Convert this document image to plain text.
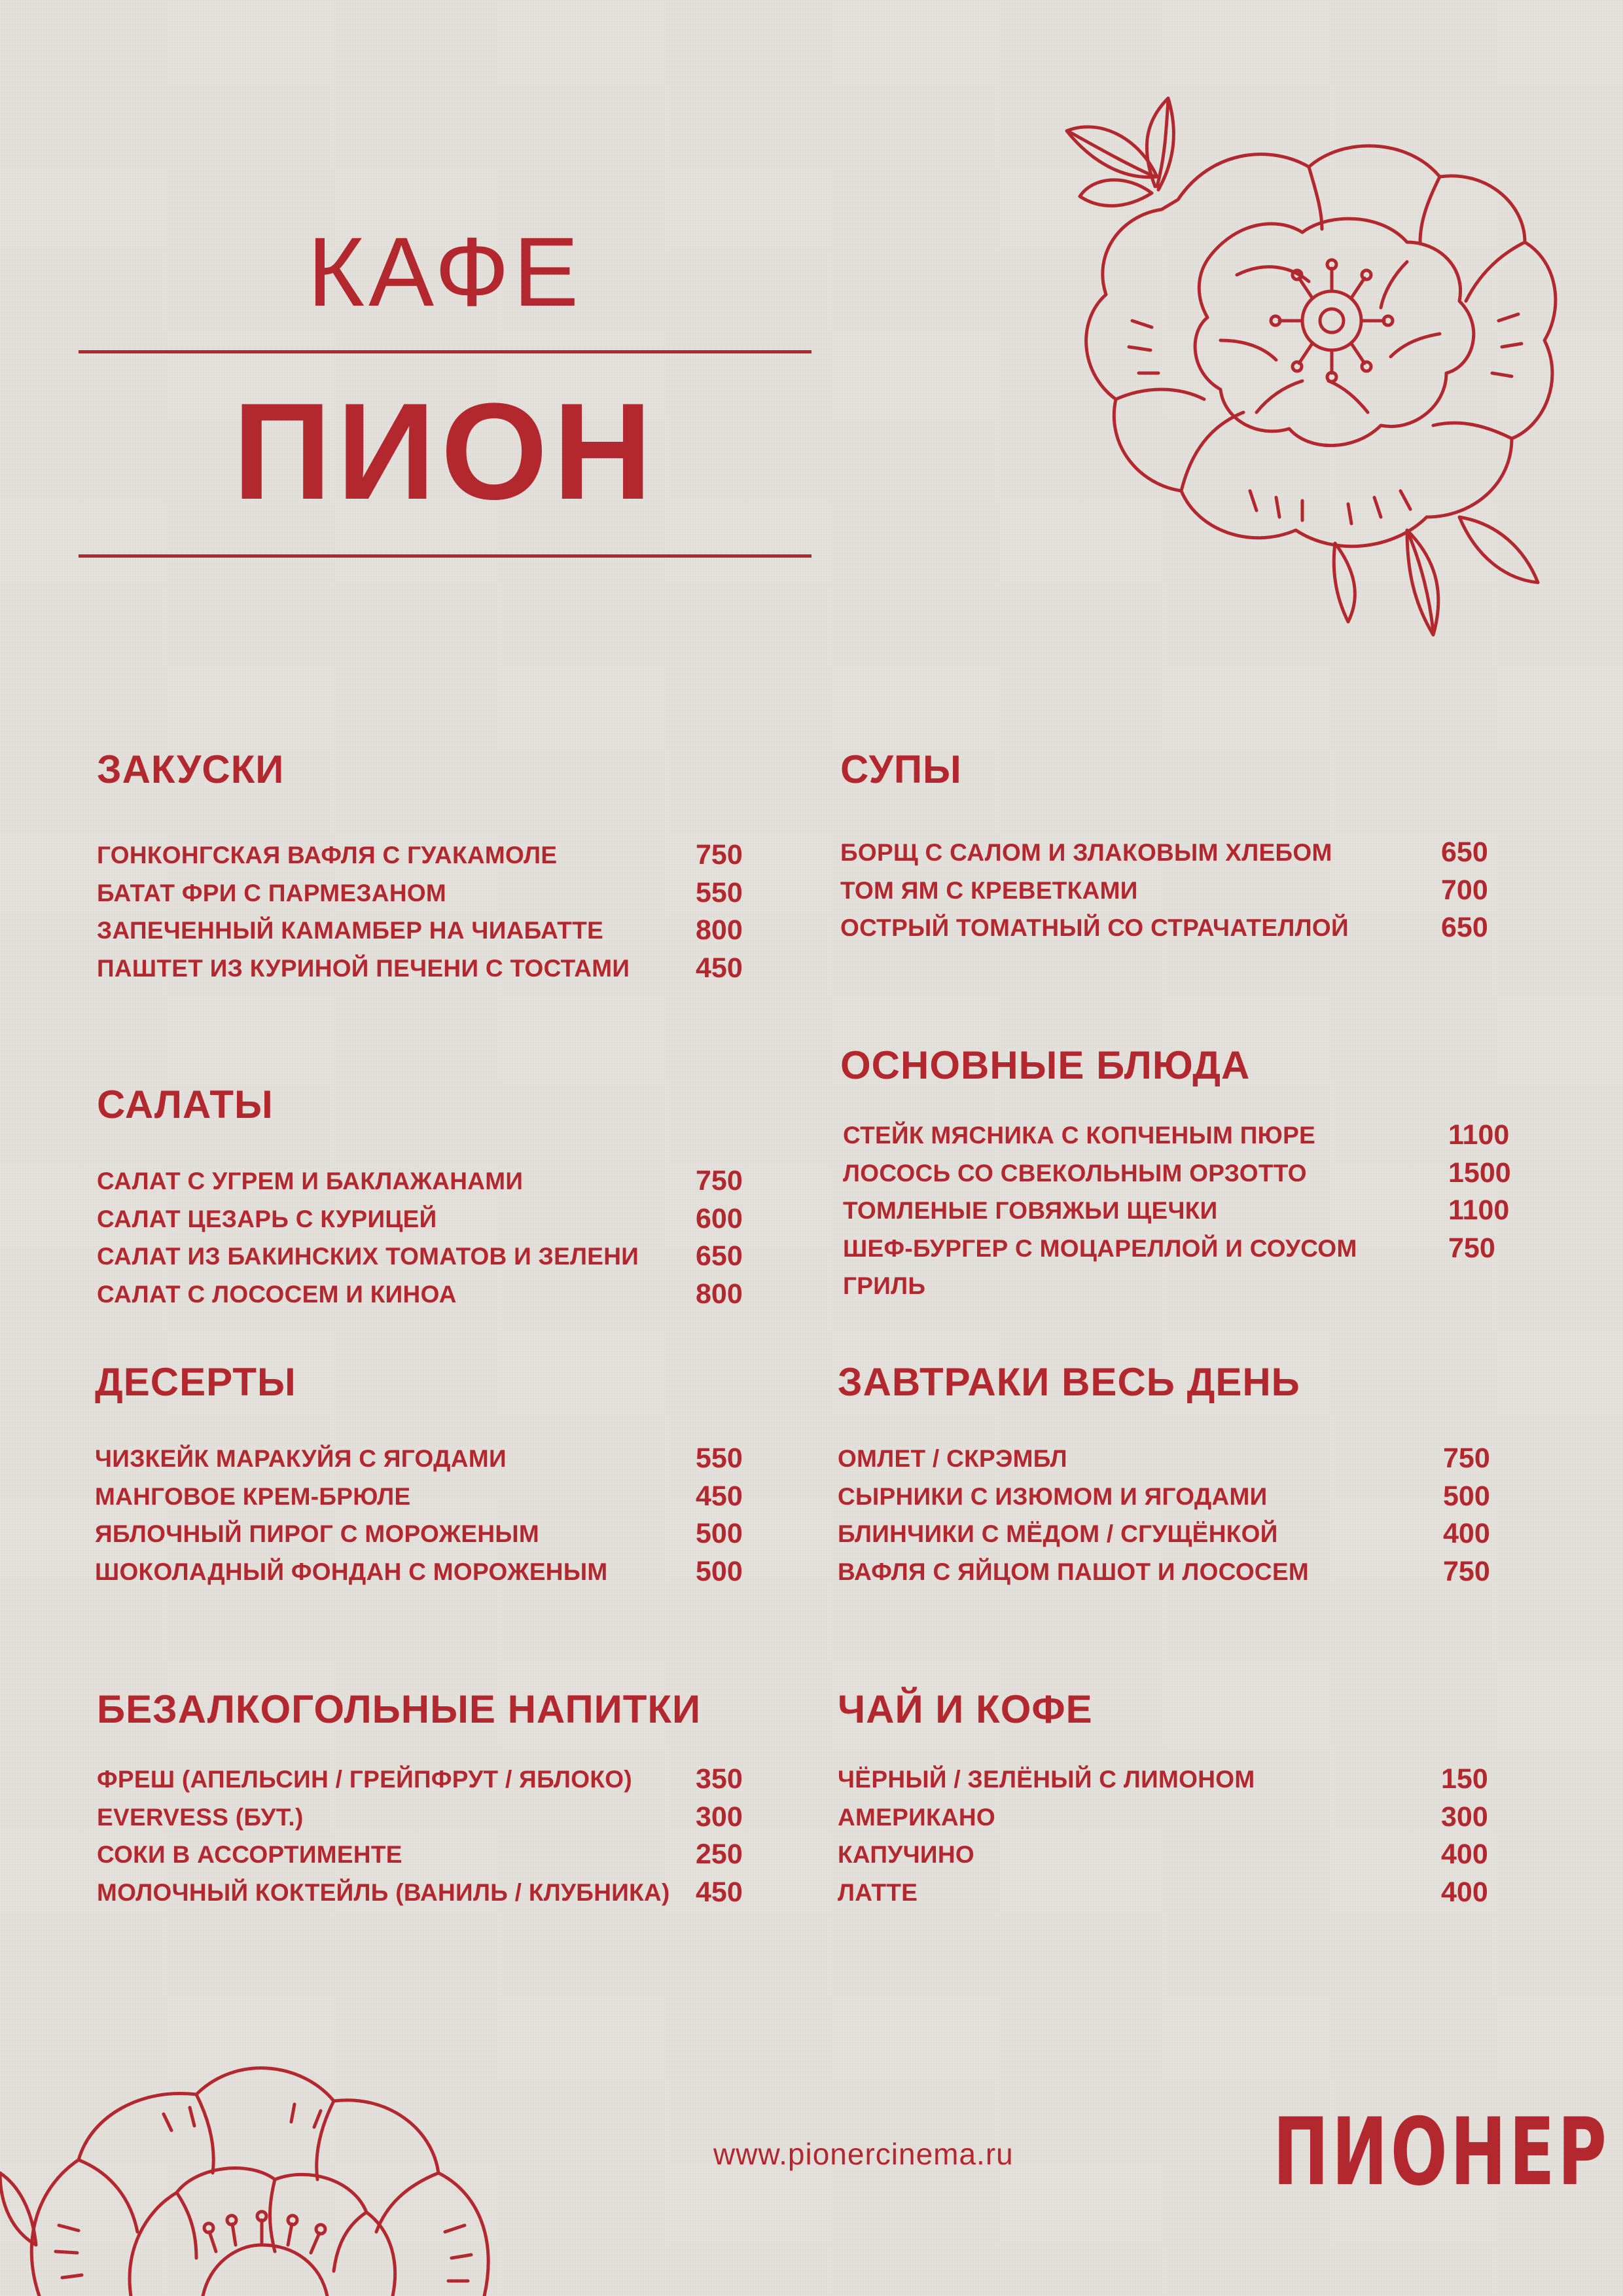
КАФЕ
ПИОН
ЗАКУСКИ
ГОНКОНГСКАЯ ВАФЛЯ С ГУАКАМОЛЕ	750
БАТАТ ФРИ С ПАРМЕЗАНОМ	550
ЗАПЕЧЕННЫЙ КАМАМБЕР НА ЧИАБАТТЕ	800
ПАШТЕТ ИЗ КУРИНОЙ ПЕЧЕНИ С ТОСТАМИ 450
САЛАТЫ
САЛАТ С УГРЕМ И БАКЛАЖАНАМИ	750
САЛАТ ЦЕЗАРЬ С КУРИЦЕЙ	600
САЛАТ ИЗ БАКИНСКИХ ТОМАТОВ И ЗЕЛЕНИ 650
САЛАТ С ЛОСОСЕМ И КИНОА	800
ДЕСЕРТЫ
ЧИЗКЕЙК МАРАКУЙЯ С ЯГОДАМИ	550
МАНГОВОЕ КРЕМ-БРЮЛЕ	450
ЯБЛОЧНЫЙ ПИРОГ С МОРОЖЕНЫМ	500
ШОКОЛАДНЫЙ ФОНДАН С МОРОЖЕНЫМ	500
БЕЗАЛКОГОЛЬНЫЕ НАПИТКИ
ФРЕШ (АПЕЛЬСИН / ГРЕЙПФРУТ / ЯБЛОКО) 350
EVERVESS (БУТ.)	300
СОКИ В АССОРТИМЕНТЕ	250
МОЛОЧНЫЙ КОКТЕЙЛЬ (ВАНИЛЬ / КЛУБНИКА) 450
СУПЫ
БОРЩ С САЛОМ И ЗЛАКОВЫМ ХЛЕБОМ	650
ТОМ ЯМ С КРЕВЕТКАМИ	700
ОСТРЫЙ ТОМАТНЫЙ СО СТРАЧАТЕЛЛОЙ	650
ОСНОВНЫЕ БЛЮДА
СТЕЙК МЯСНИКА С КОПЧЕНЫМ ПЮРЕ	1100
ЛОСОСЬ СО СВЕКОЛЬНЫМ ОРЗОТТО	1500
ТОМЛЕНЫЕ ГОВЯЖЬИ ЩЕЧКИ	1100
ШЕФ-БУРГЕР С МОЦАРЕЛЛОЙ И СОУСОМ	750
ГРИЛЬ
ЗАВТРАКИ ВЕСЬ ДЕНЬ
ОМЛЕТ / СКРЭМБЛ	750
СЫРНИКИ С ИЗЮМОМ И ЯГОДАМИ	500
БЛИНЧИКИ С МЁДОМ / СГУЩЁНКОЙ	400
ВАФЛЯ С ЯЙЦОМ ПАШОТ И ЛОСОСЕМ	750
ЧАЙ И КОФЕ
ЧЁРНЫЙ / ЗЕЛЁНЫЙ С ЛИМОНОМ	150
АМЕРИКАНО	300
КАПУЧИНО	400
ЛАТТЕ	400
www.pionercinema.ru	ПИОНЕР
